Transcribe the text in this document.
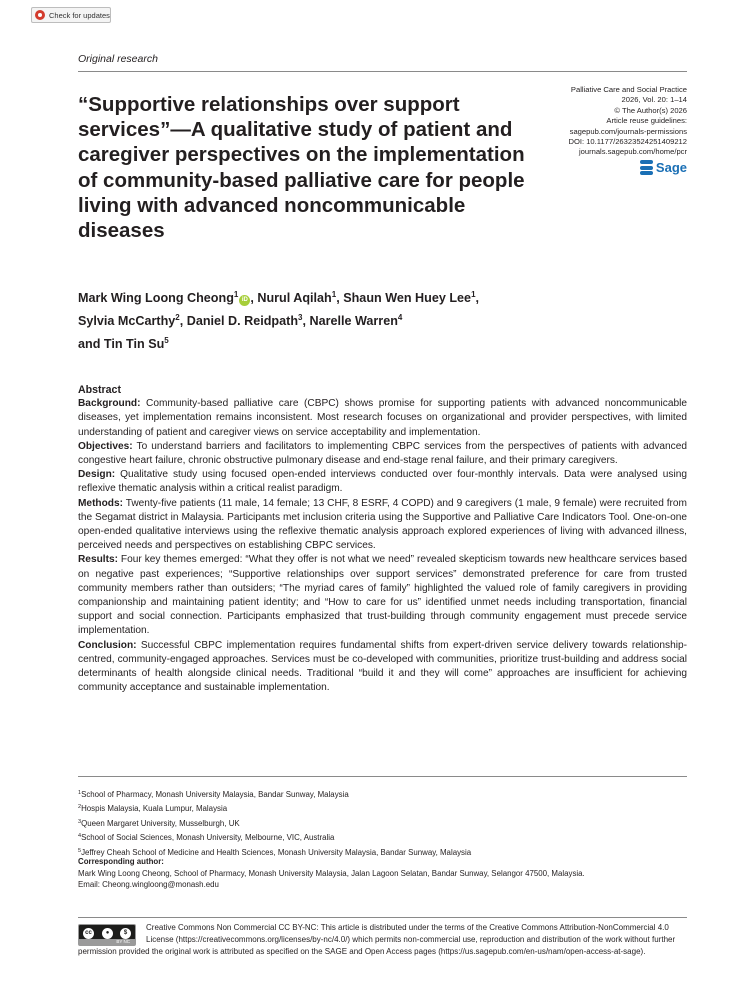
Check for updates
Original research
Palliative Care and Social Practice
2026, Vol. 20: 1–14
© The Author(s) 2026
Article reuse guidelines:
sagepub.com/journals-permissions
DOI: 10.1177/26323524251409212
journals.sagepub.com/home/pcr
Sage
“Supportive relationships over support services”—A qualitative study of patient and caregiver perspectives on the implementation of community-based palliative care for people living with advanced noncommunicable diseases
Mark Wing Loong Cheong$^1$iD , Nurul Aqilah$^1$, Shaun Wen Huey Lee$^1$,
Sylvia McCarthy$^2$, Daniel D. Reidpath$^3$, Narelle Warren$^4$
and Tin Tin Su$^5$

Abstract

Background: Community-based palliative care (CBPC) shows promise for supporting patients with advanced noncommunicable diseases, yet implementation remains inconsistent. Most research focuses on organizational and provider perspectives, with limited understanding of patient and caregiver views on service acceptability and implementation.

Objectives: To understand barriers and facilitators to implementing CBPC services from the perspectives of patients with advanced congestive heart failure, chronic obstructive pulmonary disease and end-stage renal failure, and their primary caregivers.

Design: Qualitative study using focused open-ended interviews conducted over four-monthly intervals. Data were analysed using reflexive thematic analysis within a critical realist paradigm.

Methods: Twenty-five patients (11 male, 14 female; 13 CHF, 8 ESRF, 4 COPD) and 9 caregivers (1 male, 9 female) were recruited from the Segamat district in Malaysia. Participants met inclusion criteria using the Supportive and Palliative Care Indicators Tool. One-on-one open-ended qualitative interviews using the reflexive thematic analysis approach explored experiences of living with advanced illness, perceived needs and perspectives on establishing CBPC services.

Results: Four key themes emerged: “What they offer is not what we need” revealed skepticism towards new healthcare services based on negative past experiences; “Supportive relationships over support services” demonstrated preference for care from trusted community members rather than outsiders; “The myriad cares of family” highlighted the valued role of family caregivers in providing companionship and maintaining patient identity; and “How to care for us” identified unmet needs including transportation, financial support and social connection. Participants emphasized that trust-building through community engagement must precede service implementation.

Conclusion: Successful CBPC implementation requires fundamental shifts from expert-driven service delivery towards relationship-centred, community-engaged approaches. Services must be co-developed with communities, prioritize trust-building and address social determinants of health alongside clinical needs. Traditional “build it and they will come” approaches are insufficient for achieving community acceptance and sustainable implementation.

$^1$School of Pharmacy, Monash University Malaysia, Bandar Sunway, Malaysia
$^2$Hospis Malaysia, Kuala Lumpur, Malaysia
$^3$Queen Margaret University, Musselburgh, UK
$^4$School of Social Sciences, Monash University, Melbourne, VIC, Australia
$^5$Jeffrey Cheah School of Medicine and Health Sciences, Monash University Malaysia, Bandar Sunway, Malaysia
Corresponding author:
Mark Wing Loong Cheong, School of Pharmacy, Monash University Malaysia, Jalan Lagoon Selatan, Bandar Sunway, Selangor 47500, Malaysia.
Email: Cheong.wingloong@monash.edu
cc	●	$
BY NC
Creative Commons Non Commercial CC BY-NC: This article is distributed under the terms of the Creative Commons Attribution-NonCommercial 4.0 License (https://creativecommons.org/licenses/by-nc/4.0/) which permits non-commercial use, reproduction and distribution of the work without further permission provided the original work is attributed as specified on the SAGE and Open Access pages (https://us.sagepub.com/en-us/nam/open-access-at-sage).
